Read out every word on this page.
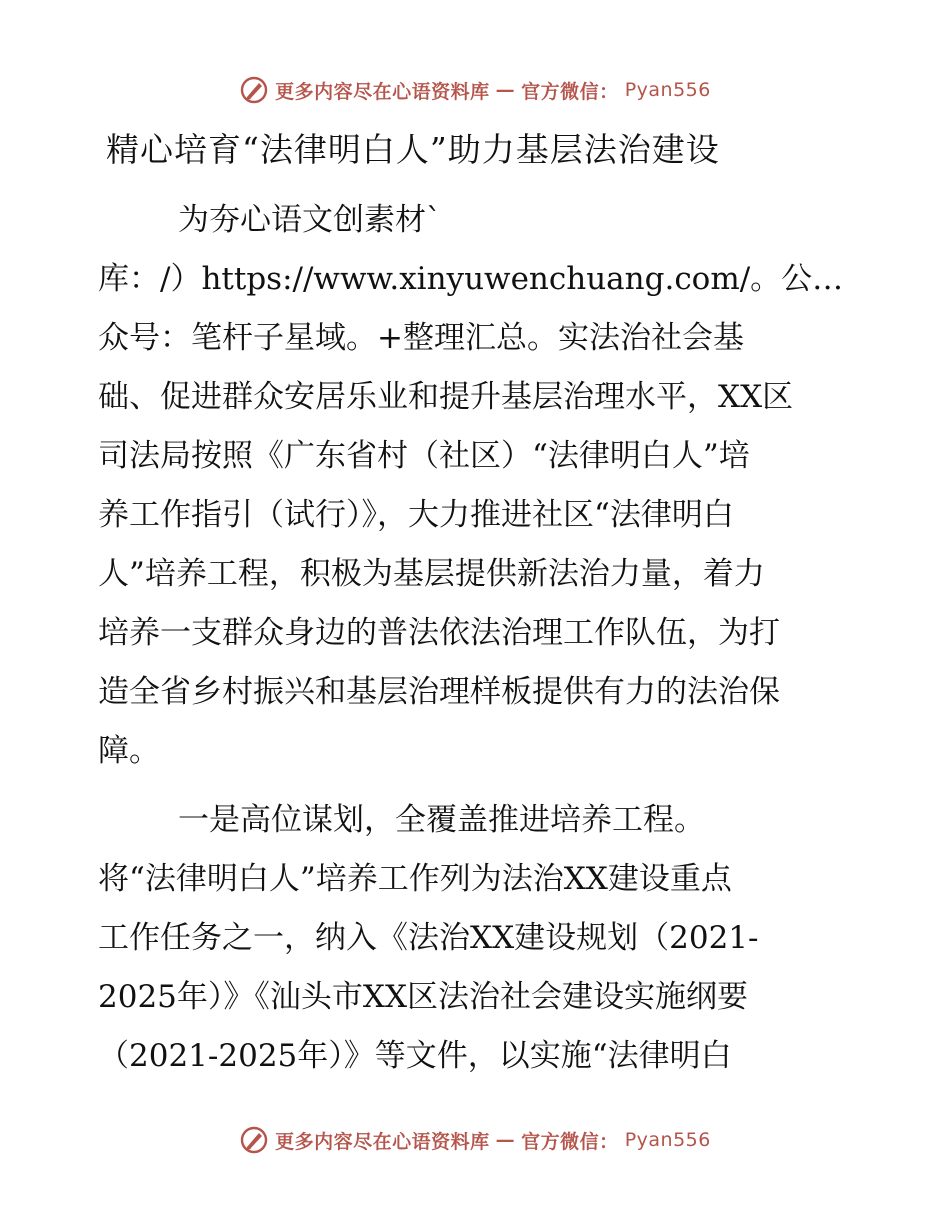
更多内容尽在心语资料库 — 官方微信： Pyan556
精心培育“法律明白人”助力基层法治建设

为夯心语文创素材`

库：/）https://www.xinyuwenchuang.com/。公…

众号：笔杆子星域。+整理汇总。实法治社会基

础、促进群众安居乐业和提升基层治理水平，XX区

司法局按照《广东省村（社区）“法律明白人”培

养工作指引（试行）》，大力推进社区“法律明白

人”培养工程，积极为基层提供新法治力量，着力

培养一支群众身边的普法依法治理工作队伍，为打

造全省乡村振兴和基层治理样板提供有力的法治保

障。

一是高位谋划，全覆盖推进培养工程。

将“法律明白人”培养工作列为法治XX建设重点

工作任务之一，纳入《法治XX建设规划（2021-

2025年）》《汕头市XX区法治社会建设实施纲要

（2021-2025年）》等文件，以实施“法律明白

更多内容尽在心语资料库 — 官方微信： Pyan556
